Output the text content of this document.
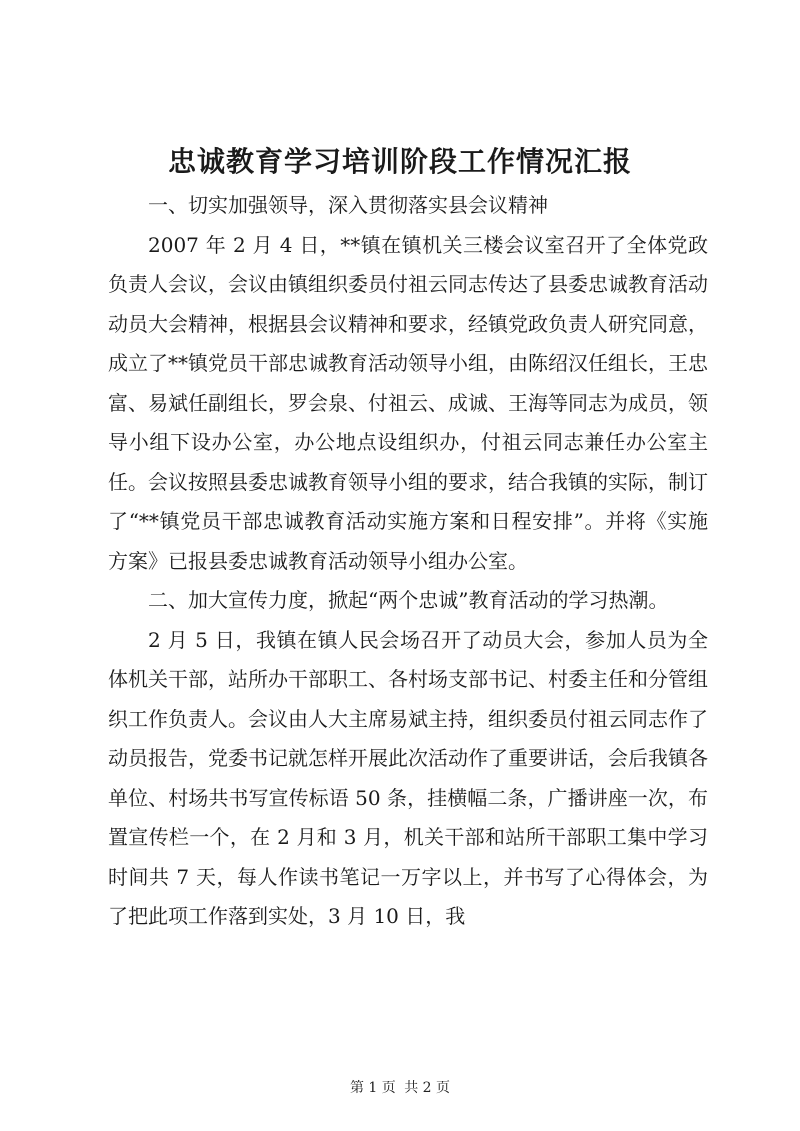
忠诚教育学习培训阶段工作情况汇报

一、切实加强领导，深入贯彻落实县会议精神

2007 年 2 月 4 日，**镇在镇机关三楼会议室召开了全体党政负责人会议，会议由镇组织委员付祖云同志传达了县委忠诚教育活动动员大会精神，根据县会议精神和要求，经镇党政负责人研究同意，成立了**镇党员干部忠诚教育活动领导小组，由陈绍汉任组长，王忠富、易斌任副组长，罗会泉、付祖云、成诚、王海等同志为成员，领导小组下设办公室，办公地点设组织办，付祖云同志兼任办公室主任。会议按照县委忠诚教育领导小组的要求，结合我镇的实际，制订了“**镇党员干部忠诚教育活动实施方案和日程安排”。并将《实施方案》已报县委忠诚教育活动领导小组办公室。

二、加大宣传力度，掀起“两个忠诚”教育活动的学习热潮。

2 月 5 日，我镇在镇人民会场召开了动员大会，参加人员为全体机关干部，站所办干部职工、各村场支部书记、村委主任和分管组织工作负责人。会议由人大主席易斌主持，组织委员付祖云同志作了动员报告，党委书记就怎样开展此次活动作了重要讲话，会后我镇各单位、村场共书写宣传标语 50 条，挂横幅二条，广播讲座一次，布置宣传栏一个，在 2 月和 3 月，机关干部和站所干部职工集中学习时间共 7 天，每人作读书笔记一万字以上，并书写了心得体会，为了把此项工作落到实处，3 月 10 日，我

第 1 页 共 2 页
